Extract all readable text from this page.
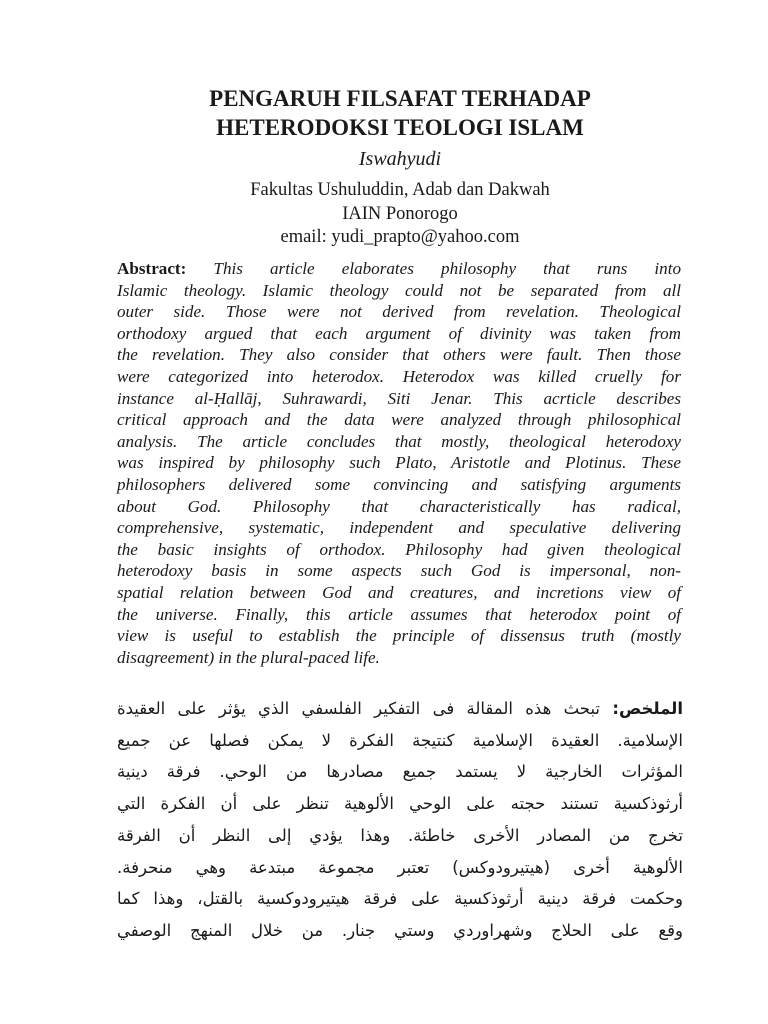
PENGARUH FILSAFAT TERHADAP
HETERODOKSI TEOLOGI ISLAM
Iswahyudi
Fakultas Ushuluddin, Adab dan Dakwah
IAIN Ponorogo
email: yudi_prapto@yahoo.com
Abstract: This article elaborates philosophy that runs into
Islamic theology. Islamic theology could not be separated from all
outer side. Those were not derived from revelation. Theological
orthodoxy argued that each argument of divinity was taken from
the revelation. They also consider that others were fault. Then those
were categorized into heterodox. Heterodox was killed cruelly for
instance al-Ḥallāj, Suhrawardi, Siti Jenar. This acrticle describes
critical approach and the data were analyzed through philosophical
analysis. The article concludes that mostly, theological heterodoxy
was inspired by philosophy such Plato, Aristotle and Plotinus. These
philosophers delivered some convincing and satisfying arguments
about God. Philosophy that characteristically has radical,
comprehensive, systematic, independent and speculative delivering
the basic insights of orthodox. Philosophy had given theological
heterodoxy basis in some aspects such God is impersonal, non-
spatial relation between God and creatures, and incretions view of
the universe. Finally, this article assumes that heterodox point of
view is useful to establish the principle of dissensus truth (mostly
disagreement) in the plural-paced life.
الملخص: تبحث هذه المقالة فى التفكير الفلسفي الذي يؤثر على العقيدة
الإسلامية. العقيدة الإسلامية كنتيجة الفكرة لا يمكن فصلها عن جميع
المؤثرات الخارجية لا يستمد جميع مصادرها من الوحي. فرقة دينية
أرثوذكسية تستند حجته على الوحي الألوهية تنظر على أن الفكرة التي
تخرج من المصادر الأخرى خاطئة. وهذا يؤدي إلى النظر أن الفرقة
الألوهية أخرى (هيتيرودوكس) تعتبر مجموعة مبتدعة وهي منحرفة.
وحكمت فرقة دينية أرثوذكسية على فرقة هيتيرودوكسية بالقتل، وهذا كما
وقع على الحلاج وشهراوردي وستي جنار. من خلال المنهج الوصفي
